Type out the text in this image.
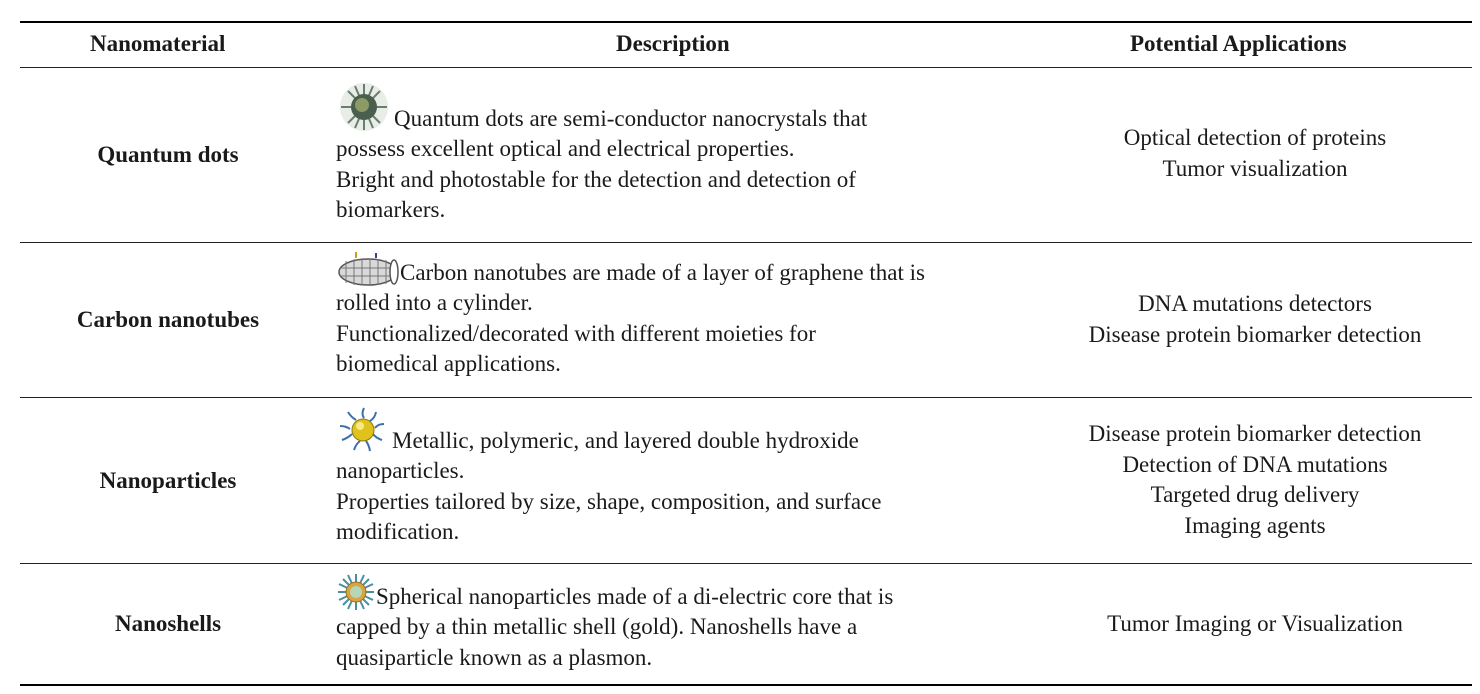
Nanomaterial	Description	Potential Applications
Quantum dots
Quantum dots are semi-conductor nanocrystals that
possess excellent optical and electrical properties.
Bright and photostable for the detection and detection of
biomarkers.
Optical detection of proteins
Tumor visualization
Carbon nanotubes
Carbon nanotubes are made of a layer of graphene that is
rolled into a cylinder.
Functionalized/decorated with different moieties for
biomedical applications.
DNA mutations detectors
Disease protein biomarker detection
Nanoparticles
Metallic, polymeric, and layered double hydroxide
nanoparticles.
Properties tailored by size, shape, composition, and surface
modification.
Disease protein biomarker detection
Detection of DNA mutations
Targeted drug delivery
Imaging agents
Nanoshells
Spherical nanoparticles made of a di-electric core that is
capped by a thin metallic shell (gold). Nanoshells have a
quasiparticle known as a plasmon.
Tumor Imaging or Visualization
